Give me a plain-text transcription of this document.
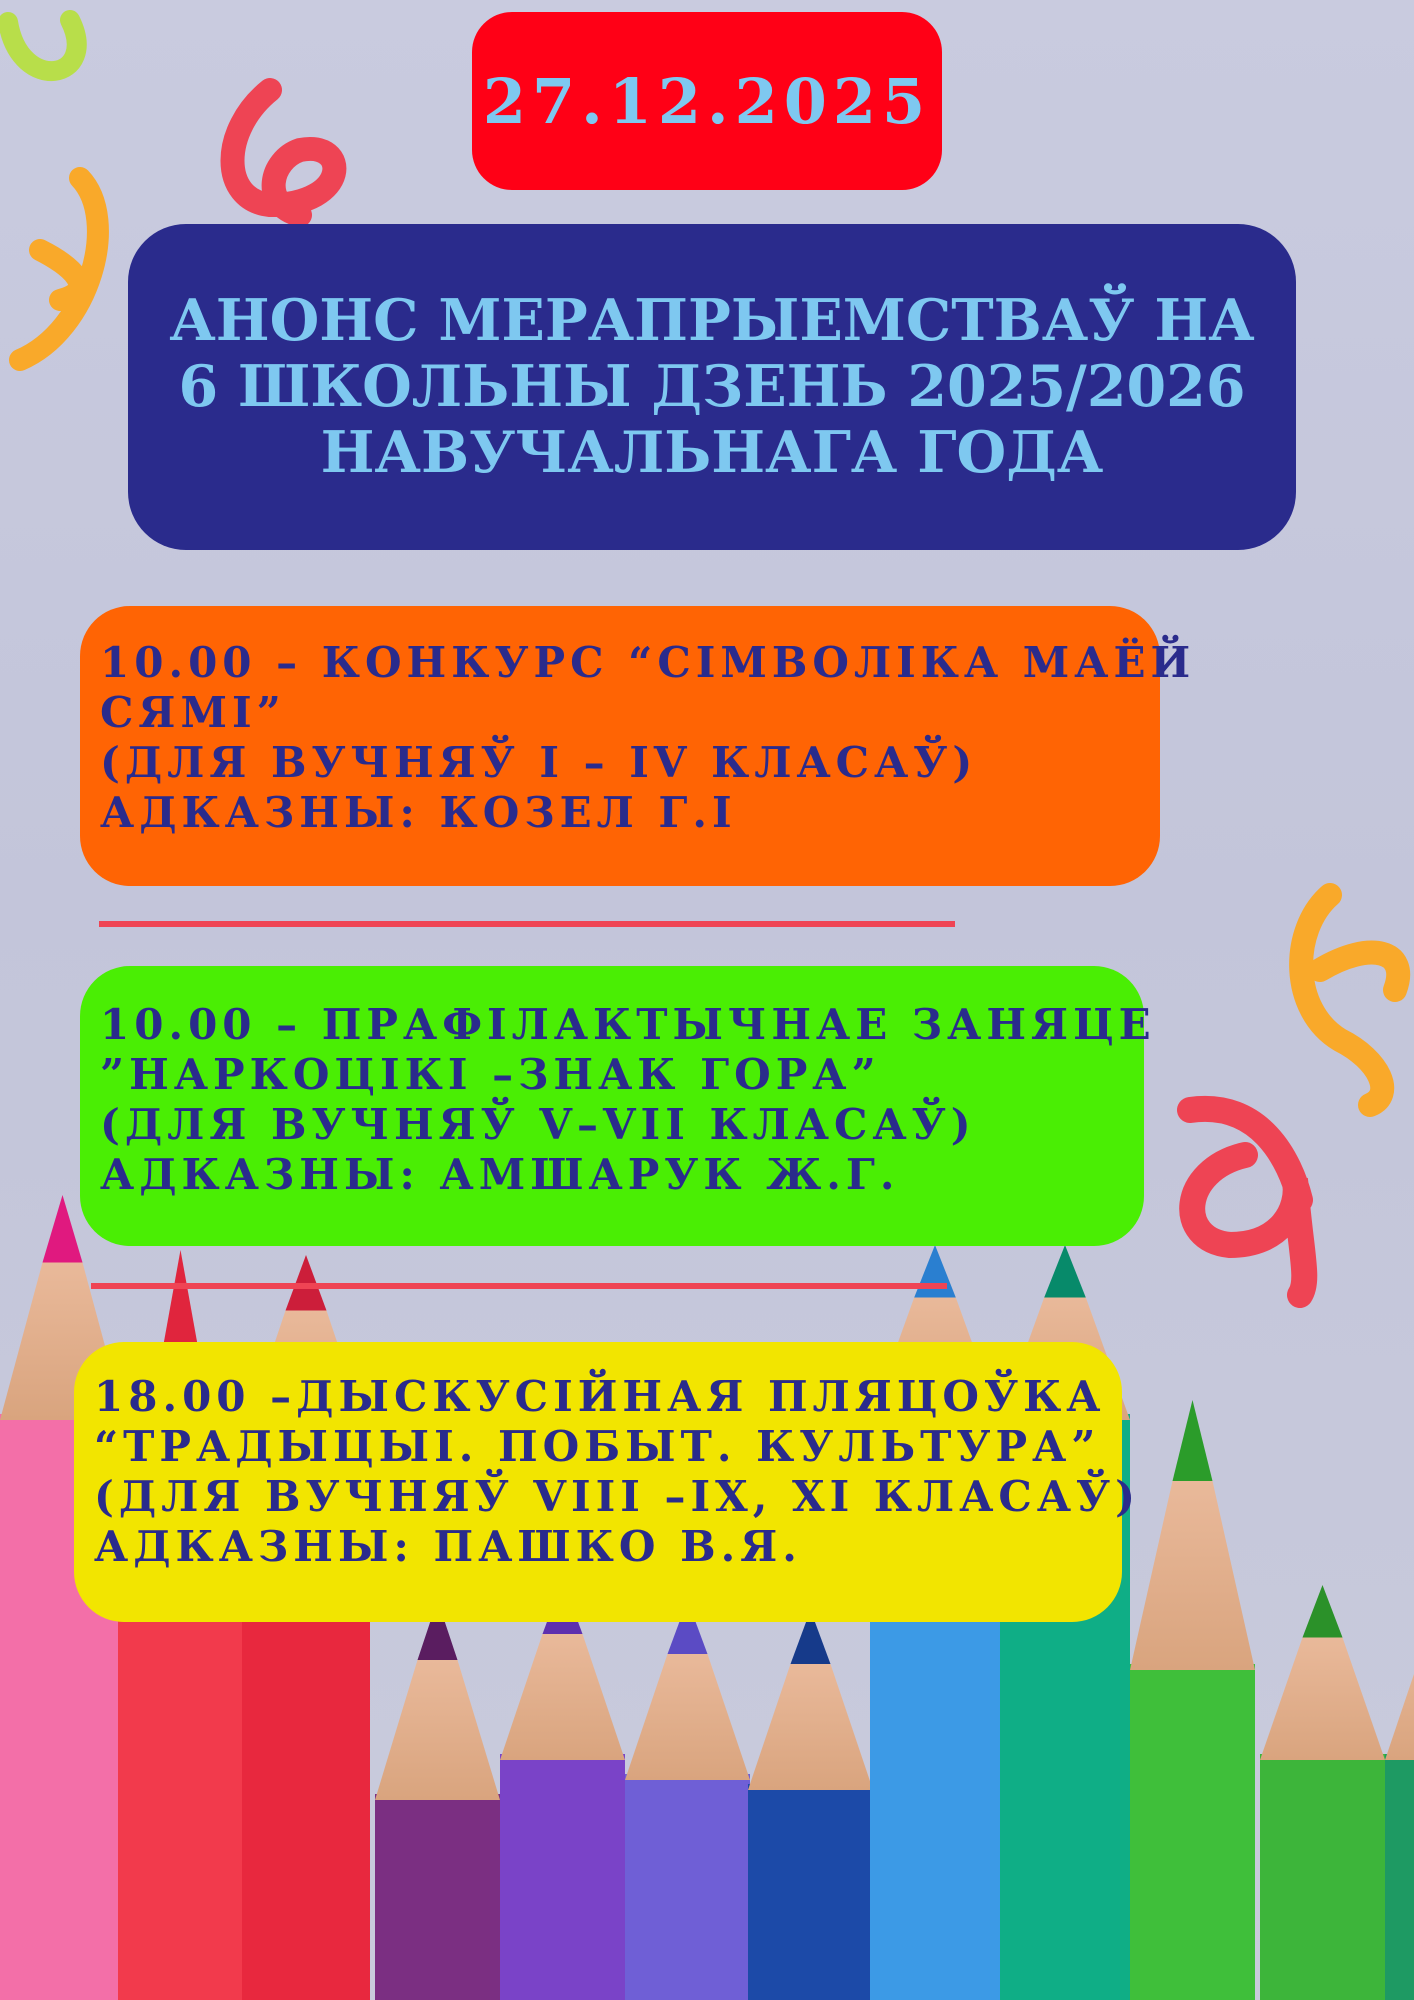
27.12.2025
АНОНС МЕРАПРЫЕМСТВАЎ НА 6 ШКОЛЬНЫ ДЗЕНЬ 2025/2026 НАВУЧАЛЬНАГА ГОДА
10.00 – КОНКУРС “СІМВОЛІКА МАЁЙ
СЯМІ”
(ДЛЯ ВУЧНЯЎ І – ІV КЛАСАЎ)
АДКАЗНЫ: КОЗЕЛ Г.І
10.00 – ПРАФІЛАКТЫЧНАЕ ЗАНЯЦЕ
”НАРКОЦІКІ –ЗНАК ГОРА”
(ДЛЯ ВУЧНЯЎ V–VІІ КЛАСАЎ)
АДКАЗНЫ: АМШАРУК Ж.Г.
18.00 –ДЫСКУСІЙНАЯ ПЛЯЦОЎКА
“ТРАДЫЦЫІ. ПОБЫТ. КУЛЬТУРА”
(ДЛЯ ВУЧНЯЎ VІІІ –ІХ, ХІ КЛАСАЎ)
АДКАЗНЫ: ПАШКО В.Я.
